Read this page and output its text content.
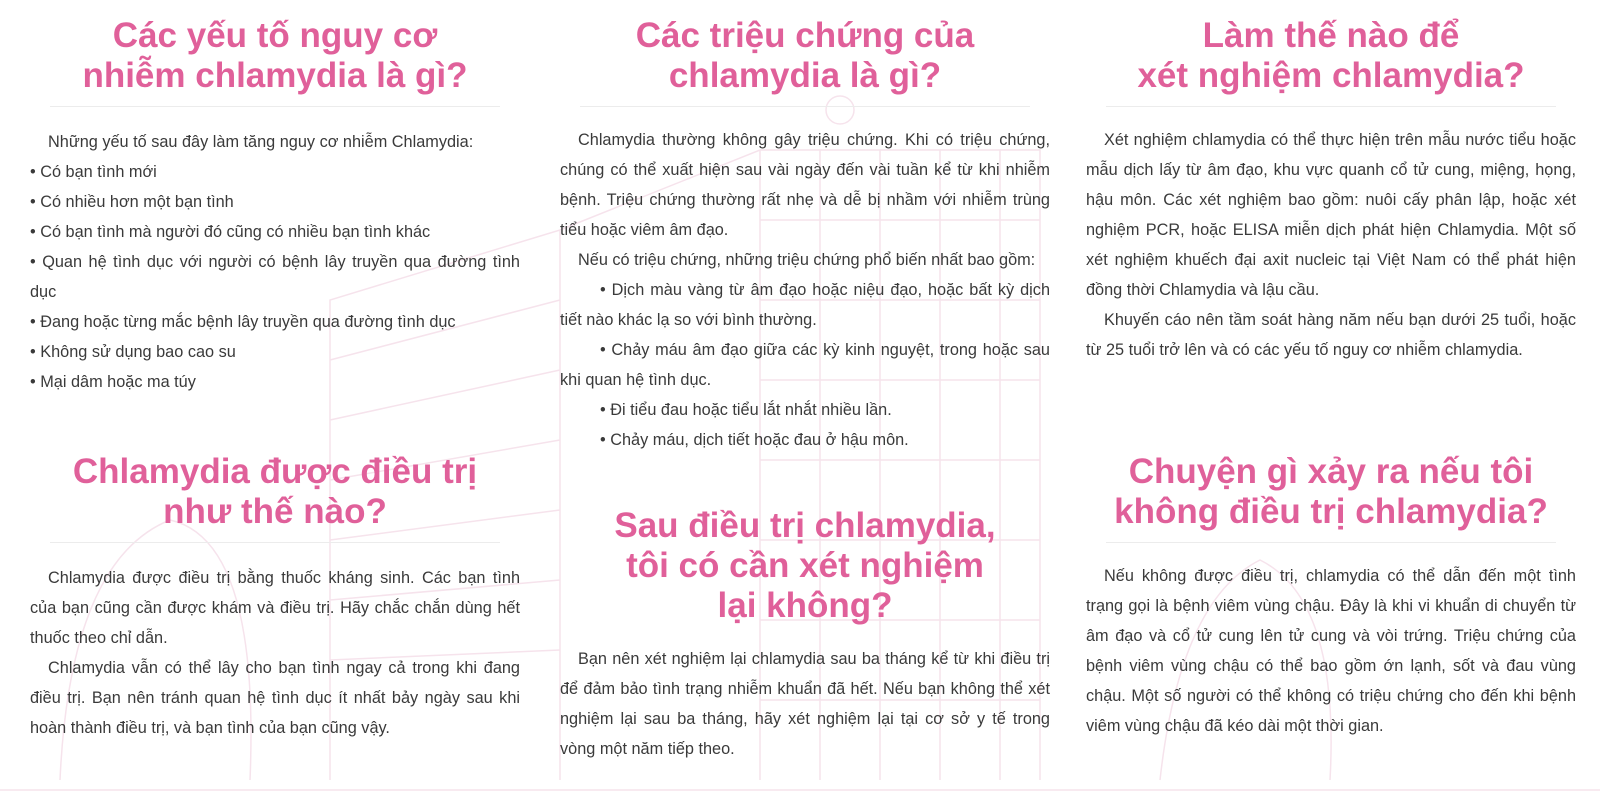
Các yếu tố nguy cơ
nhiễm chlamydia là gì?

Những yếu tố sau đây làm tăng nguy cơ nhiễm Chlamydia:

• Có bạn tình mới

• Có nhiều hơn một bạn tình

• Có bạn tình mà người đó cũng có nhiều bạn tình khác

• Quan hệ tình dục với người có bệnh lây truyền qua đường tình dục

• Đang hoặc từng mắc bệnh lây truyền qua đường tình dục

• Không sử dụng bao cao su

• Mại dâm hoặc ma túy

Chlamydia được điều trị
như thế nào?

Chlamydia được điều trị bằng thuốc kháng sinh. Các bạn tình của bạn cũng cần được khám và điều trị. Hãy chắc chắn dùng hết thuốc theo chỉ dẫn.

Chlamydia vẫn có thể lây cho bạn tình ngay cả trong khi đang điều trị. Bạn nên tránh quan hệ tình dục ít nhất bảy ngày sau khi hoàn thành điều trị, và bạn tình của bạn cũng vậy.

Các triệu chứng của
chlamydia là gì?

Chlamydia thường không gây triệu chứng. Khi có triệu chứng, chúng có thể xuất hiện sau vài ngày đến vài tuần kể từ khi nhiễm bệnh. Triệu chứng thường rất nhẹ và dễ bị nhầm với nhiễm trùng tiểu hoặc viêm âm đạo.

Nếu có triệu chứng, những triệu chứng phổ biến nhất bao gồm:

• Dịch màu vàng từ âm đạo hoặc niệu đạo, hoặc bất kỳ dịch tiết nào khác lạ so với bình thường.

• Chảy máu âm đạo giữa các kỳ kinh nguyệt, trong hoặc sau khi quan hệ tình dục.

• Đi tiểu đau hoặc tiểu lắt nhắt nhiều lần.

• Chảy máu, dịch tiết hoặc đau ở hậu môn.

Sau điều trị chlamydia,
tôi có cần xét nghiệm
lại không?

Bạn nên xét nghiệm lại chlamydia sau ba tháng kể từ khi điều trị để đảm bảo tình trạng nhiễm khuẩn đã hết. Nếu bạn không thể xét nghiệm lại sau ba tháng, hãy xét nghiệm lại tại cơ sở y tế trong vòng một năm tiếp theo.

Làm thế nào để
xét nghiệm chlamydia?

Xét nghiệm chlamydia có thể thực hiện trên mẫu nước tiểu hoặc mẫu dịch lấy từ âm đạo, khu vực quanh cổ tử cung, miệng, họng, hậu môn. Các xét nghiệm bao gồm: nuôi cấy phân lập, hoặc xét nghiệm PCR, hoặc ELISA miễn dịch phát hiện Chlamydia. Một số xét nghiệm khuếch đại axit nucleic tại Việt Nam có thể phát hiện đồng thời Chlamydia và lậu cầu.

Khuyến cáo nên tầm soát hàng năm nếu bạn dưới 25 tuổi, hoặc từ 25 tuổi trở lên và có các yếu tố nguy cơ nhiễm chlamydia.

Chuyện gì xảy ra nếu tôi
không điều trị chlamydia?

Nếu không được điều trị, chlamydia có thể dẫn đến một tình trạng gọi là bệnh viêm vùng chậu. Đây là khi vi khuẩn di chuyển từ âm đạo và cổ tử cung lên tử cung và vòi trứng. Triệu chứng của bệnh viêm vùng chậu có thể bao gồm ớn lạnh, sốt và đau vùng chậu. Một số người có thể không có triệu chứng cho đến khi bệnh viêm vùng chậu đã kéo dài một thời gian.
